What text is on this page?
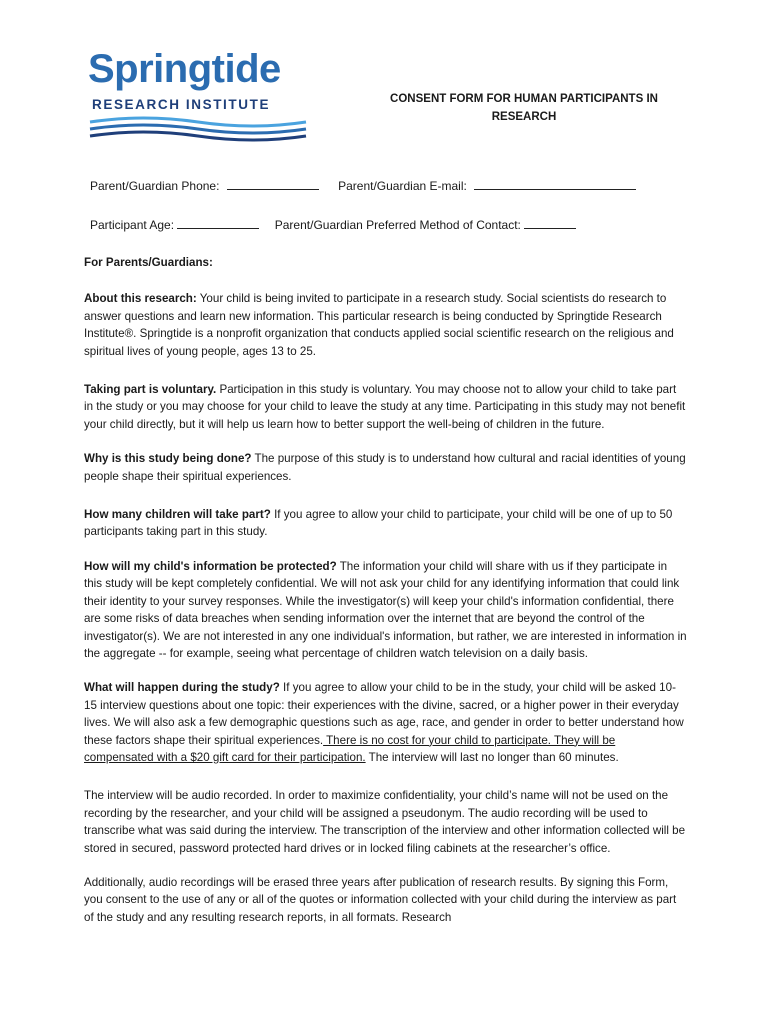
Springtide
RESEARCH INSTITUTE	CONSENT FORM FOR HUMAN PARTICIPANTS IN
RESEARCH
Parent/Guardian Phone:	Parent/Guardian E-mail:
Participant Age:	Parent/Guardian Preferred Method of Contact:

For Parents/Guardians:

About this research: Your child is being invited to participate in a research study. Social scientists do research to answer questions and learn new information. This particular research is being conducted by Springtide Research Institute®. Springtide is a nonprofit organization that conducts applied social scientific research on the religious and spiritual lives of young people, ages 13 to 25.

Taking part is voluntary. Participation in this study is voluntary. You may choose not to allow your child to take part in the study or you may choose for your child to leave the study at any time. Participating in this study may not benefit your child directly, but it will help us learn how to better support the well-being of children in the future.

Why is this study being done? The purpose of this study is to understand how cultural and racial identities of young people shape their spiritual experiences.

How many children will take part? If you agree to allow your child to participate, your child will be one of up to 50 participants taking part in this study.

How will my child's information be protected? The information your child will share with us if they participate in this study will be kept completely confidential. We will not ask your child for any identifying information that could link their identity to your survey responses. While the investigator(s) will keep your child's information confidential, there are some risks of data breaches when sending information over the internet that are beyond the control of the investigator(s). We are not interested in any one individual's information, but rather, we are interested in information in the aggregate -- for example, seeing what percentage of children watch television on a daily basis.

What will happen during the study? If you agree to allow your child to be in the study, your child will be asked 10-15 interview questions about one topic: their experiences with the divine, sacred, or a higher power in their everyday lives. We will also ask a few demographic questions such as age, race, and gender in order to better understand how these factors shape their spiritual experiences. There is no cost for your child to participate. They will be compensated with a $20 gift card for their participation. The interview will last no longer than 60 minutes.

The interview will be audio recorded. In order to maximize confidentiality, your child’s name will not be used on the recording by the researcher, and your child will be assigned a pseudonym. The audio recording will be used to transcribe what was said during the interview. The transcription of the interview and other information collected will be stored in secured, password protected hard drives or in locked filing cabinets at the researcher’s office.

Additionally, audio recordings will be erased three years after publication of research results. By signing this Form, you consent to the use of any or all of the quotes or information collected with your child during the interview as part of the study and any resulting research reports, in all formats. Research
